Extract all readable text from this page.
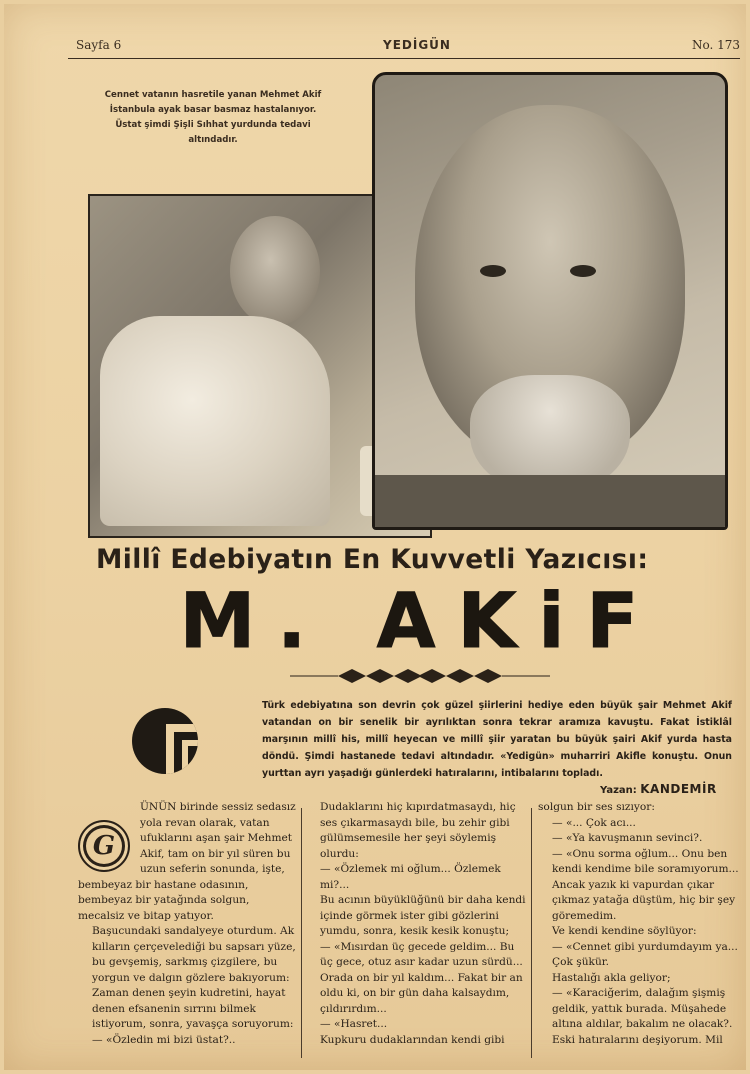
Sayfa 6	YEDİGÜN	No. 173
Cennet vatanın hasretile yanan Mehmet Akif İstanbula ayak basar basmaz hastalanıyor. Üstat şimdi Şişli Sıhhat yurdunda tedavi altındadır.
Millî Edebiyatın En Kuvvetli Yazıcısı:
M. AKiF
Türk edebiyatına son devrin çok güzel şiirlerini hediye eden büyük şair Mehmet Akif vatandan on bir senelik bir ayrılıktan sonra tekrar aramıza kavuştu. Fakat İstiklâl marşının millî his, millî heyecan ve millî şiir yaratan bu büyük şairi Akif yurda hasta döndü. Şimdi hastanede tedavi altındadır. «Yedigün» muharriri Akifle konuştu. Onun yurttan ayrı yaşadığı günlerdeki hatıralarını, intibalarını topladı.
Yazan: KANDEMİR
G

ÜNÜN birinde sessiz sedasız yola revan olarak, vatan ufuklarını aşan şair Mehmet Akif, tam on bir yıl süren bu uzun seferin sonunda, işte, bembeyaz bir hastane odasının, bembeyaz bir yatağında solgun, mecalsiz ve bitap yatıyor.

Başucundaki sandalyeye oturdum. Ak kılların çerçevelediği bu sapsarı yüze, bu gevşemiş, sarkmış çizgilere, bu yorgun ve dalgın gözlere bakıyorum: Zaman denen şeyin kudretini, hayat denen efsanenin sırrını bilmek istiyorum, sonra, yavaşça soruyorum:

— «Özledin mi bizi üstat?..

Dudaklarını hiç kıpırdatmasaydı, hiç ses çıkarmasaydı bile, bu zehir gibi gülümsemesile her şeyi söylemiş olurdu:

— «Özlemek mi oğlum... Özlemek mi?...

Bu acının büyüklüğünü bir daha kendi içinde görmek ister gibi gözlerini yumdu, sonra, kesik kesik konuştu;

— «Mısırdan üç gecede geldim... Bu üç gece, otuz asır kadar uzun sürdü... Orada on bir yıl kaldım... Fakat bir an oldu ki, on bir gün daha kalsaydım, çıldırırdım...

— «Hasret...

Kupkuru dudaklarından kendi gibi

solgun bir ses sızıyor:

— «... Çok acı...

— «Ya kavuşmanın sevinci?.

— «Onu sorma oğlum... Onu ben kendi kendime bile soramıyorum... Ancak yazık ki vapurdan çıkar çıkmaz yatağa düştüm, hiç bir şey göremedim.

Ve kendi kendine söylüyor:

— «Cennet gibi yurdumdayım ya... Çok şükür.

Hastalığı akla geliyor;

— «Karaciğerim, dalağım şişmiş geldik, yattık burada. Müşahede altına aldılar, bakalım ne olacak?.

Eski hatıralarını deşiyorum. Mil
